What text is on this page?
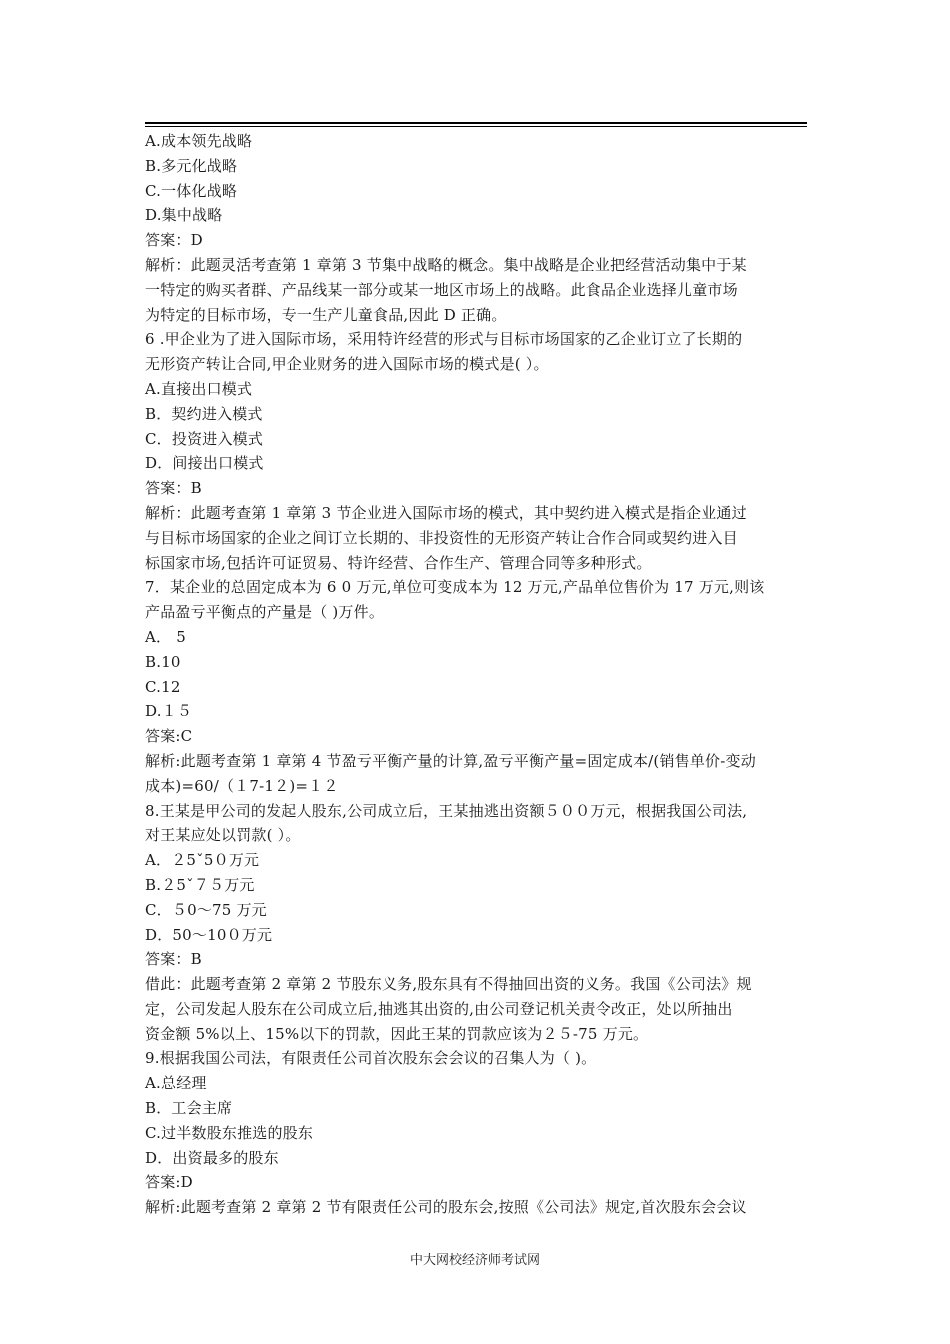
A.成本领先战略
B.多元化战略
C.一体化战略
D.集中战略
答案：D
解析：此题灵活考查第 1 章第 3 节集中战略的概念。集中战略是企业把经营活动集中于某
一特定的购买者群、产品线某一部分或某一地区市场上的战略。此食品企业选择儿童市场
为特定的目标市场，专一生产儿童食品,因此 D 正确。
6 .甲企业为了进入国际市场，采用特许经营的形式与目标市场国家的乙企业订立了长期的
无形资产转让合同,甲企业财务的进入国际市场的模式是( ）。
A.直接出口模式
B．契约进入模式
C．投资进入模式
D．间接出口模式
答案：B
解析：此题考查第 1 章第 3 节企业进入国际市场的模式，其中契约进入模式是指企业通过
与目标市场国家的企业之间订立长期的、非投资性的无形资产转让合作合同或契约进入目
标国家市场,包括许可证贸易、特许经营、合作生产、管理合同等多种形式。
7．某企业的总固定成本为 6 0 万元,单位可变成本为 12 万元,产品单位售价为 17 万元,则该
产品盈亏平衡点的产量是（ )万件。
A． 5
B.10
C.12
D.１５
答案:C
解析:此题考查第 1 章第 4 节盈亏平衡产量的计算,盈亏平衡产量=固定成本/(销售单价-变动
成本)=60/（１7-1２)=１２
8.王某是甲公司的发起人股东,公司成立后，王某抽逃出资额５００万元，根据我国公司法,
对王某应处以罚款( ）。
A．２5ˇ5０万元
B.２5ˇ７５万元
C．５0～75 万元
D．50～10０万元
答案：B
借此：此题考查第 2 章第 2 节股东义务,股东具有不得抽回出资的义务。我国《公司法》规
定，公司发起人股东在公司成立后,抽逃其出资的,由公司登记机关责令改正，处以所抽出
资金额 5%以上、15%以下的罚款，因此王某的罚款应该为２５-75 万元。
9.根据我国公司法，有限责任公司首次股东会会议的召集人为（ )。
A.总经理
B．工会主席
C.过半数股东推选的股东
D．出资最多的股东
答案:D
解析:此题考查第 2 章第 2 节有限责任公司的股东会,按照《公司法》规定,首次股东会会议
中大网校经济师考试网
